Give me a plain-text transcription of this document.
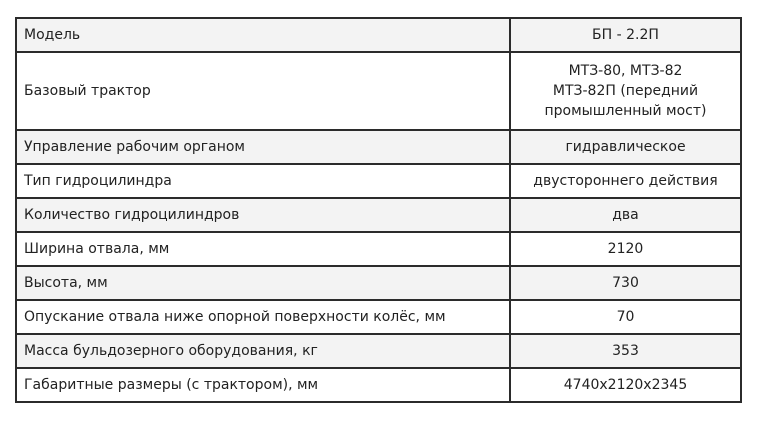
Модель	БП - 2.2П

Базовый трактор	МТЗ-80, МТЗ-82
МТЗ-82П (передний
промышленный мост)

Управление рабочим органом	гидравлическое

Тип гидроцилиндра	двустороннего действия

Количество гидроцилиндров	два

Ширина отвала, мм	2120

Высота, мм	730

Опускание отвала ниже опорной поверхности колёс, мм	70

Масса бульдозерного оборудования, кг	353

Габаритные размеры (с трактором), мм	4740x2120x2345
